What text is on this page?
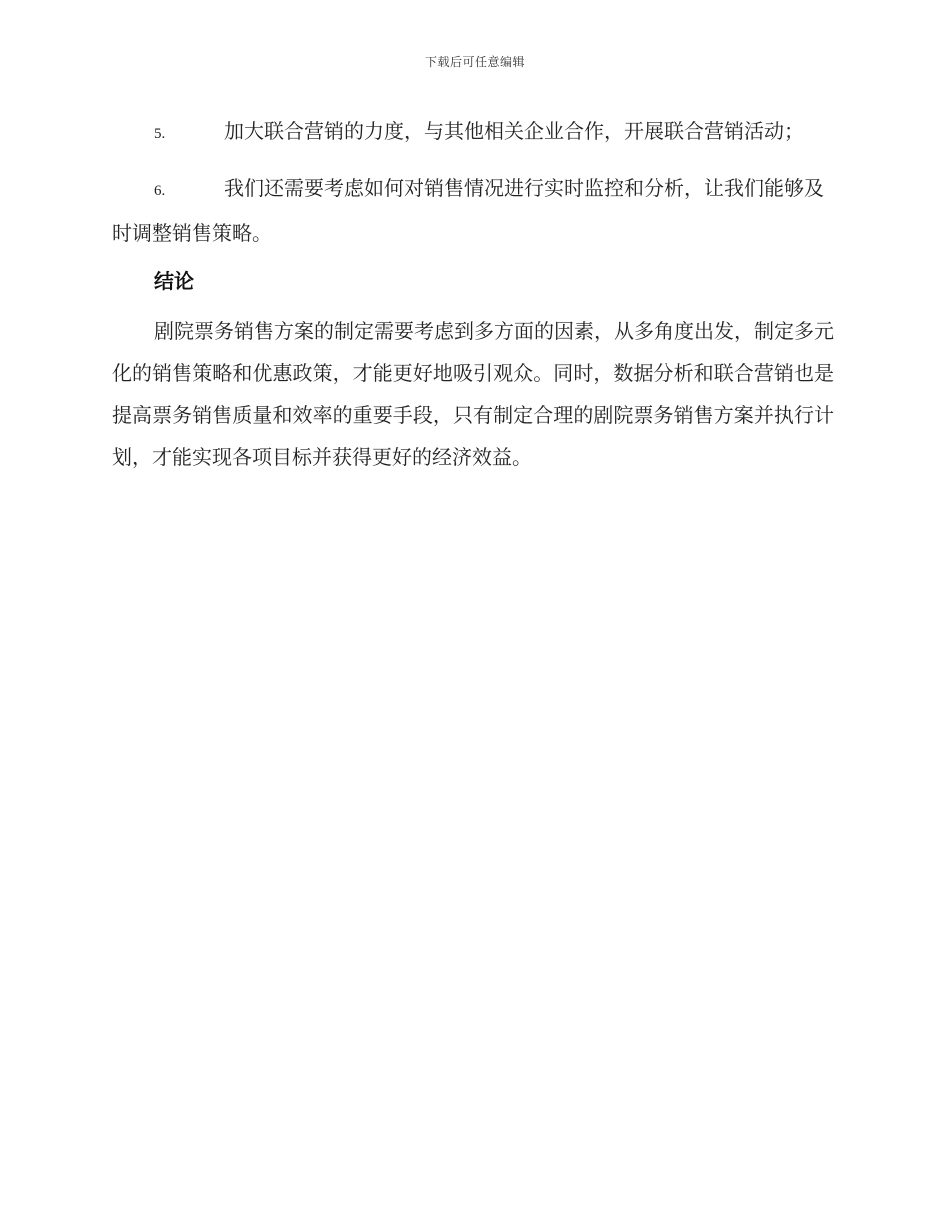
下载后可任意编辑

5.	加大联合营销的力度，与其他相关企业合作，开展联合营销活动；

6.	我们还需要考虑如何对销售情况进行实时监控和分析，让我们能够及时调整销售策略。

结论

剧院票务销售方案的制定需要考虑到多方面的因素，从多角度出发，制定多元化的销售策略和优惠政策，才能更好地吸引观众。同时，数据分析和联合营销也是提高票务销售质量和效率的重要手段，只有制定合理的剧院票务销售方案并执行计划，才能实现各项目标并获得更好的经济效益。
